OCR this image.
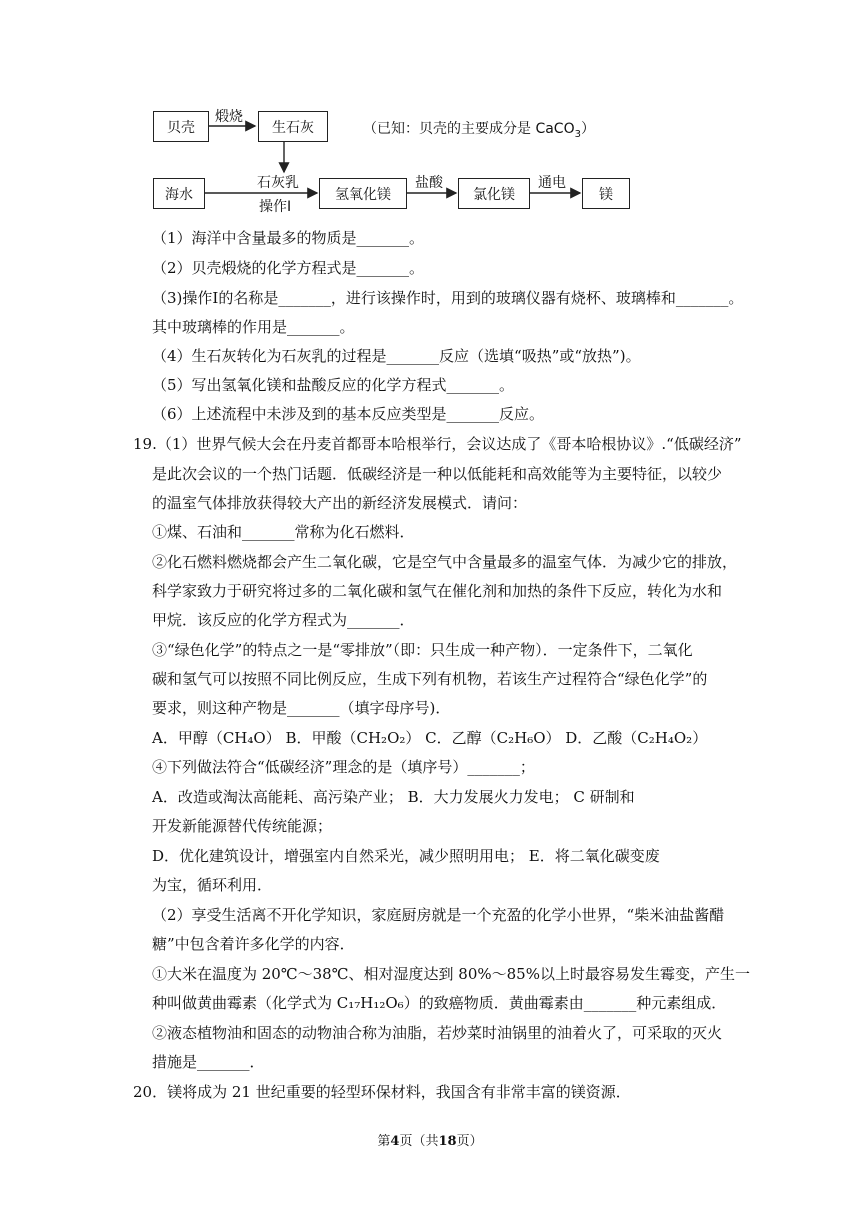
贝壳	生石灰
海水	氢氧化镁	氯化镁	镁
煅烧
石灰乳
操作Ⅰ
盐酸	通电
（已知：贝壳的主要成分是 CaCO$_3$）
（1）海洋中含量最多的物质是_______。
（2）贝壳煅烧的化学方程式是_______。
（3)操作Ⅰ的名称是_______，进行该操作时，用到的玻璃仪器有烧杯、玻璃棒和_______。
其中玻璃棒的作用是_______。
（4）生石灰转化为石灰乳的过程是_______反应（选填“吸热”或“放热”)。
（5）写出氢氧化镁和盐酸反应的化学方程式_______。
（6）上述流程中未涉及到的基本反应类型是_______反应。
19.（1）世界气候大会在丹麦首都哥本哈根举行，会议达成了《哥本哈根协议》.“低碳经济”
是此次会议的一个热门话题．低碳经济是一种以低能耗和高效能等为主要特征，以较少
的温室气体排放获得较大产出的新经济发展模式．请问：
①煤、石油和_______常称为化石燃料．
②化石燃料燃烧都会产生二氧化碳，它是空气中含量最多的温室气体．为减少它的排放，
科学家致力于研究将过多的二氧化碳和氢气在催化剂和加热的条件下反应，转化为水和
甲烷．该反应的化学方程式为_______．
③“绿色化学”的特点之一是“零排放”（即：只生成一种产物）．一定条件下，二氧化
碳和氢气可以按照不同比例反应，生成下列有机物，若该生产过程符合“绿色化学”的
要求，则这种产物是_______（填字母序号)．
A．甲醇（CH₄O） B．甲酸（CH₂O₂） C．乙醇（C₂H₆O） D．乙酸（C₂H₄O₂）
④下列做法符合“低碳经济”理念的是（填序号）_______；
A．改造或淘汰高能耗、高污染产业； B．大力发展火力发电； C 研制和
开发新能源替代传统能源；
D．优化建筑设计，增强室内自然采光，减少照明用电； E．将二氧化碳变废
为宝，循环利用．
（2）享受生活离不开化学知识，家庭厨房就是一个充盈的化学小世界，“柴米油盐酱醋
糖”中包含着许多化学的内容．
①大米在温度为 20℃～38℃、相对湿度达到 80%～85%以上时最容易发生霉变，产生一
种叫做黄曲霉素（化学式为 C₁₇H₁₂O₆）的致癌物质．黄曲霉素由_______种元素组成．
②液态植物油和固态的动物油合称为油脂，若炒菜时油锅里的油着火了，可采取的灭火
措施是_______．
20．镁将成为 21 世纪重要的轻型环保材料，我国含有非常丰富的镁资源．
第4页（共18页）
